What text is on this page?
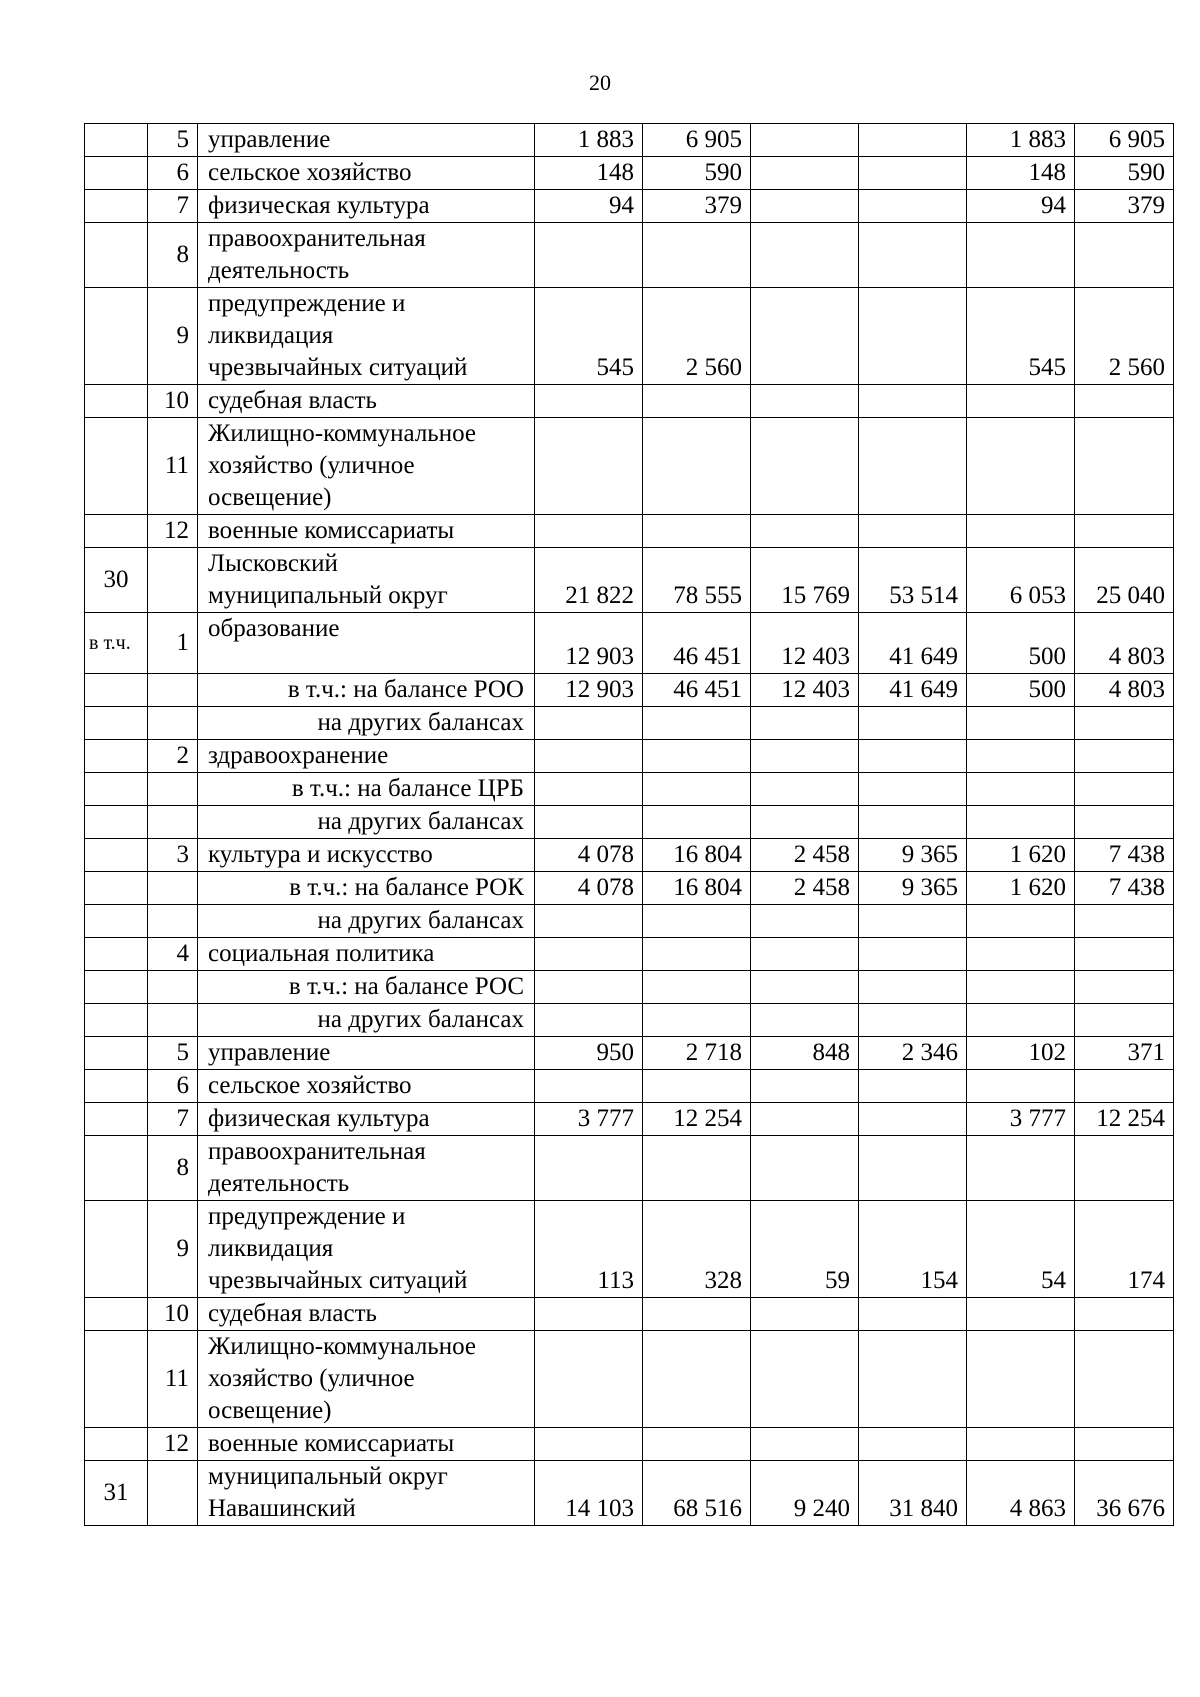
20
	5	управление	1 883	6 905			1 883	6 905
	6	сельское хозяйство	148	590			148	590
	7	физическая культура	94	379			94	379
	8	правоохранительная
деятельность						

	9	предупреждение и
ликвидация
чрезвычайных ситуаций	545	2 560			545	2 560
	10	судебная власть						

	11	Жилищно-коммунальное
хозяйство (уличное
освещение)						

	12	военные комиссариаты						

30		Лысковский
муниципальный округ	21 822	78 555	15 769	53 514	6 053	25 040
в т.ч.	1	образование	12 903	46 451	12 403	41 649	500	4 803

		в т.ч.: на балансе РОО	12 903	46 451	12 403	41 649	500	4 803

		на других балансах						

	2	здравоохранение						

		в т.ч.: на балансе ЦРБ						

		на других балансах						

	3	культура и искусство	4 078	16 804	2 458	9 365	1 620	7 438

		в т.ч.: на балансе РОК	4 078	16 804	2 458	9 365	1 620	7 438

		на других балансах						

	4	социальная политика						

		в т.ч.: на балансе РОС						

		на других балансах						

	5	управление	950	2 718	848	2 346	102	371
	6	сельское хозяйство						

	7	физическая культура	3 777	12 254			3 777	12 254
	8	правоохранительная
деятельность						

	9	предупреждение и
ликвидация
чрезвычайных ситуаций	113	328	59	154	54	174
	10	судебная власть						

	11	Жилищно-коммунальное
хозяйство (уличное
освещение)						

	12	военные комиссариаты						

31		муниципальный округ
Навашинский	14 103	68 516	9 240	31 840	4 863	36 676
